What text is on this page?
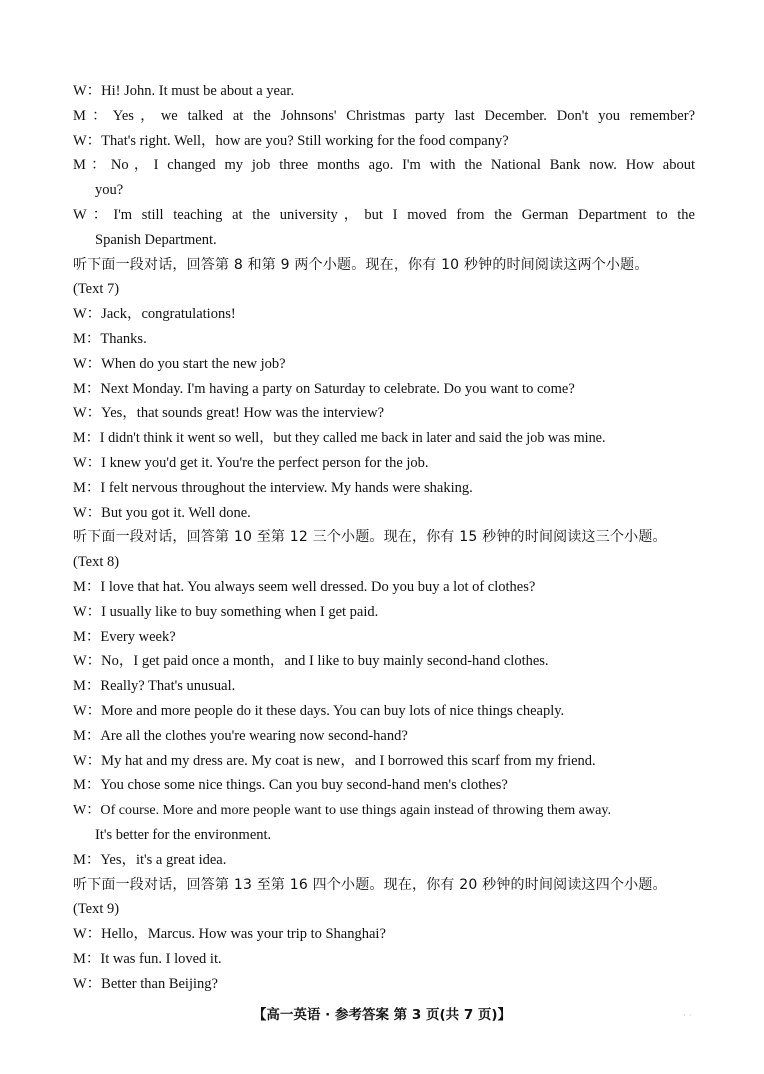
W：Hi! John. It must be about a year.
M：Yes，we talked at the Johnsons' Christmas party last December. Don't you remember?
W：That's right. Well，how are you? Still working for the food company?
M：No，I changed my job three months ago. I'm with the National Bank now. How about
you?
W：I'm still teaching at the university，but I moved from the German Department to the
Spanish Department.
听下面一段对话，回答第 8 和第 9 两个小题。现在，你有 10 秒钟的时间阅读这两个小题。
(Text 7)
W：Jack，congratulations!
M：Thanks.
W：When do you start the new job?
M：Next Monday. I'm having a party on Saturday to celebrate. Do you want to come?
W：Yes，that sounds great! How was the interview?
M：I didn't think it went so well，but they called me back in later and said the job was mine.
W：I knew you'd get it. You're the perfect person for the job.
M：I felt nervous throughout the interview. My hands were shaking.
W：But you got it. Well done.
听下面一段对话，回答第 10 至第 12 三个小题。现在，你有 15 秒钟的时间阅读这三个小题。
(Text 8)
M：I love that hat. You always seem well dressed. Do you buy a lot of clothes?
W：I usually like to buy something when I get paid.
M：Every week?
W：No，I get paid once a month，and I like to buy mainly second-hand clothes.
M：Really? That's unusual.
W：More and more people do it these days. You can buy lots of nice things cheaply.
M：Are all the clothes you're wearing now second-hand?
W：My hat and my dress are. My coat is new，and I borrowed this scarf from my friend.
M：You chose some nice things. Can you buy second-hand men's clothes?
W：Of course. More and more people want to use things again instead of throwing them away.
It's better for the environment.
M：Yes，it's a great idea.
听下面一段对话，回答第 13 至第 16 四个小题。现在，你有 20 秒钟的时间阅读这四个小题。
(Text 9)
W：Hello，Marcus. How was your trip to Shanghai?
M：It was fun. I loved it.
W：Better than Beijing?
【高一英语 · 参考答案 第 3 页(共 7 页)】	· ·
